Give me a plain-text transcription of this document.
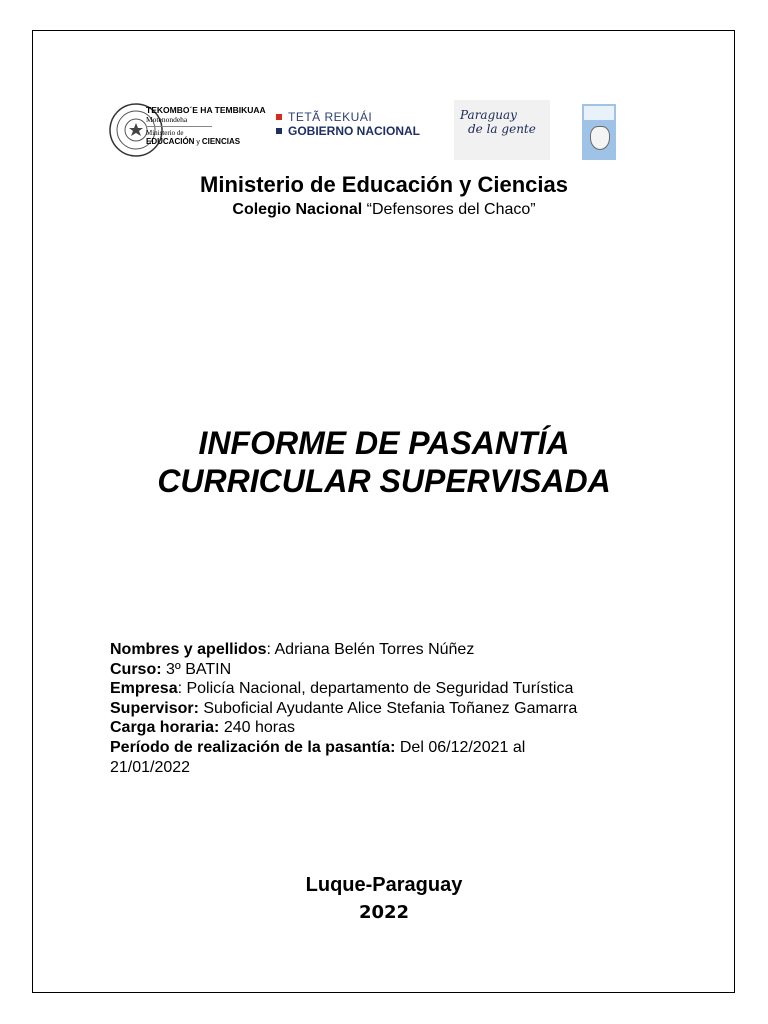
TEKOMBO´E HA TEMBIKUAA
Motenondeha
Ministerio de
EDUCACIÓN y CIENCIAS
TETÃ REKUÁI
GOBIERNO NACIONAL
Paraguay
de la gente
Ministerio de Educación y Ciencias
Colegio Nacional “Defensores del Chaco”
INFORME DE PASANTÍA
CURRICULAR SUPERVISADA
Nombres y apellidos: Adriana Belén Torres Núñez
Curso: 3º BATIN
Empresa: Policía Nacional, departamento de Seguridad Turística
Supervisor: Suboficial Ayudante Alice Stefania Toñanez Gamarra
Carga horaria: 240 horas
Período de realización de la pasantía: Del 06/12/2021 al
21/01/2022
Luque-Paraguay
2022
